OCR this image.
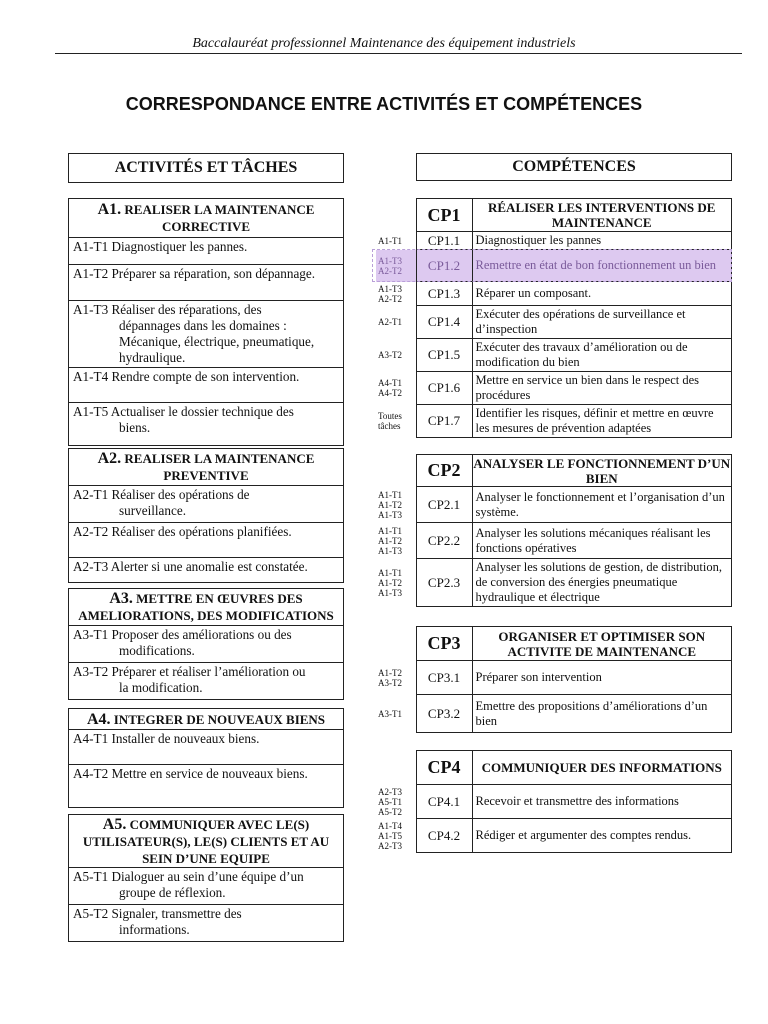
Baccalauréat professionnel Maintenance des équipement industriels
CORRESPONDANCE ENTRE ACTIVITÉS ET COMPÉTENCES
ACTIVITÉS ET TÂCHES	COMPÉTENCES
A1. REALISER LA MAINTENANCE
CORRECTIVE
A1-T1 Diagnostiquer les pannes.
A1-T2 Préparer sa réparation, son dépannage.
A1-T3 Réaliser des réparations, des
dépannages dans les domaines : Mécanique, électrique, pneumatique, hydraulique.

A1-T4 Rendre compte de son intervention.
A1-T5 Actualiser le dossier technique des
biens.
A2. REALISER LA MAINTENANCE
PREVENTIVE
A2-T1 Réaliser des opérations de
surveillance.

A2-T2 Réaliser des opérations planifiées.
A2-T3 Alerter si une anomalie est constatée.
A3. METTRE EN ŒUVRES DES
AMELIORATIONS, DES MODIFICATIONS
A3-T1 Proposer des améliorations ou des
modifications.

A3-T2 Préparer et réaliser l’amélioration ou
la modification.
A4. INTEGRER DE NOUVEAUX BIENS
A4-T1 Installer de nouveaux biens.
A4-T2 Mettre en service de nouveaux biens.
A5. COMMUNIQUER AVEC LE(S)
UTILISATEUR(S), LE(S) CLIENTS ET AU SEIN D’UNE EQUIPE
A5-T1 Dialoguer au sein d’une équipe d’un
groupe de réflexion.

A5-T2 Signaler, transmettre des
informations.
	CP1	RÉALISER LES INTERVENTIONS DE MAINTENANCE
A1-T1	CP1.1	Diagnostiquer les pannes
A1-T3 A2-T2	CP1.2	Remettre en état de bon fonctionnement un bien
A1-T3 A2-T2	CP1.3	Réparer un composant.
A2-T1	CP1.4	Exécuter des opérations de surveillance et d’inspection
A3-T2	CP1.5	Exécuter des travaux d’amélioration ou de modification du bien
A4-T1 A4-T2	CP1.6	Mettre en service un bien dans le respect des procédures
Toutes tâches	CP1.7	Identifier les risques, définir et mettre en œuvre les mesures de prévention adaptées
	CP2	ANALYSER LE FONCTIONNEMENT D’UN BIEN
A1-T1 A1-T2 A1-T3	CP2.1	Analyser le fonctionnement et l’organisation d’un système.
A1-T1 A1-T2 A1-T3	CP2.2	Analyser les solutions mécaniques réalisant les fonctions opératives
A1-T1 A1-T2 A1-T3	CP2.3	Analyser les solutions de gestion, de distribution, de conversion des énergies pneumatique hydraulique et électrique
	CP3	ORGANISER ET OPTIMISER SON ACTIVITE DE MAINTENANCE
A1-T2 A3-T2	CP3.1	Préparer son intervention
A3-T1	CP3.2	Emettre des propositions d’améliorations d’un bien
	CP4	COMMUNIQUER DES INFORMATIONS
A2-T3 A5-T1 A5-T2	CP4.1	Recevoir et transmettre des informations
A1-T4 A1-T5 A2-T3	CP4.2	Rédiger et argumenter des comptes rendus.
